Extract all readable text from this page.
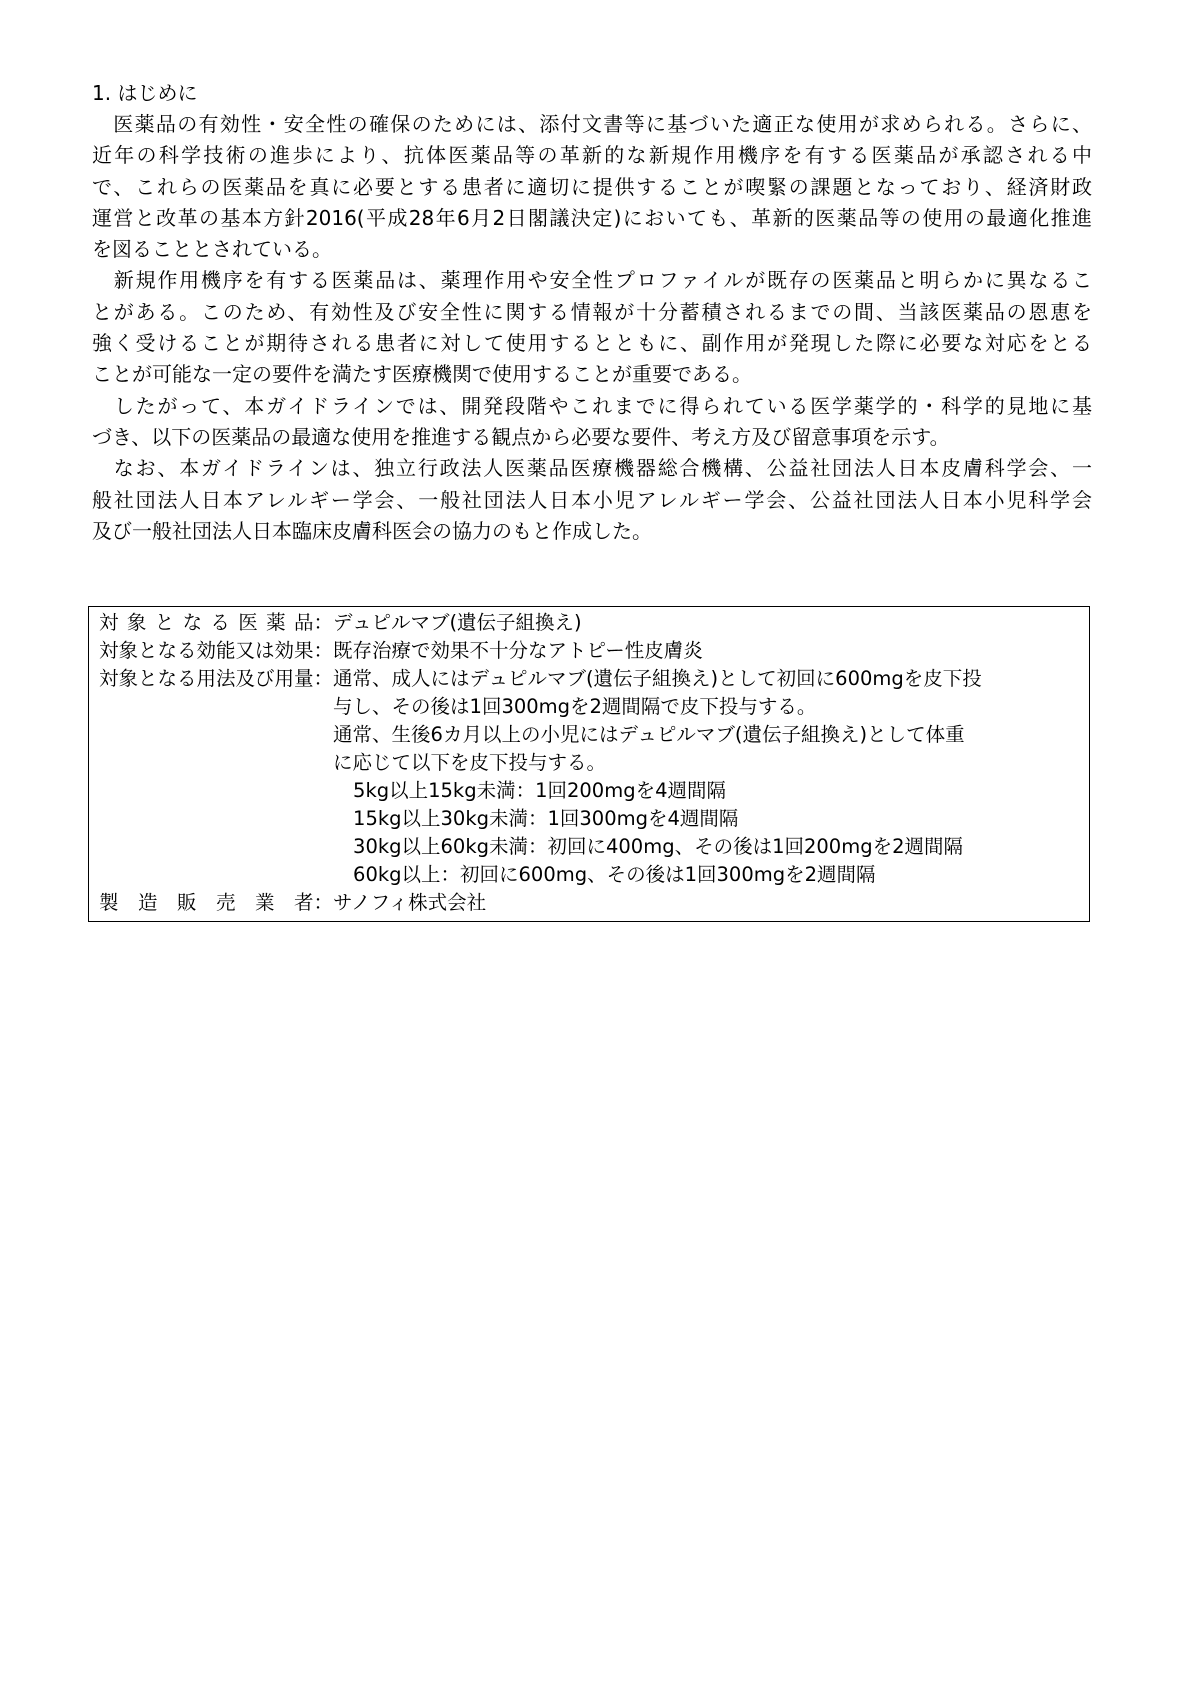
1. はじめに
　医薬品の有効性・安全性の確保のためには、添付文書等に基づいた適正な使用が求められる。さらに、
近年の科学技術の進歩により、抗体医薬品等の革新的な新規作用機序を有する医薬品が承認される中
で、これらの医薬品を真に必要とする患者に適切に提供することが喫緊の課題となっており、経済財政
運営と改革の基本方針2016(平成28年6月2日閣議決定)においても、革新的医薬品等の使用の最適化推進
を図ることとされている。
　新規作用機序を有する医薬品は、薬理作用や安全性プロファイルが既存の医薬品と明らかに異なるこ
とがある。このため、有効性及び安全性に関する情報が十分蓄積されるまでの間、当該医薬品の恩恵を
強く受けることが期待される患者に対して使用するとともに、副作用が発現した際に必要な対応をとる
ことが可能な一定の要件を満たす医療機関で使用することが重要である。
　したがって、本ガイドラインでは、開発段階やこれまでに得られている医学薬学的・科学的見地に基
づき、以下の医薬品の最適な使用を推進する観点から必要な要件、考え方及び留意事項を示す。
　なお、本ガイドラインは、独立行政法人医薬品医療機器総合機構、公益社団法人日本皮膚科学会、一
般社団法人日本アレルギー学会、一般社団法人日本小児アレルギー学会、公益社団法人日本小児科学会
及び一般社団法人日本臨床皮膚科医会の協力のもと作成した。
対象となる医薬品 ： デュピルマブ(遺伝子組換え)
対象となる効能又は効果 ： 既存治療で効果不十分なアトピー性皮膚炎
対象となる用法及び用量 ： 通常、成人にはデュピルマブ(遺伝子組換え)として初回に600mgを皮下投
与し、その後は1回300mgを2週間隔で皮下投与する。
通常、生後6カ月以上の小児にはデュピルマブ(遺伝子組換え)として体重
に応じて以下を皮下投与する。
5kg以上15kg未満：1回200mgを4週間隔
15kg以上30kg未満：1回300mgを4週間隔
30kg以上60kg未満：初回に400mg、その後は1回200mgを2週間隔
60kg以上：初回に600mg、その後は1回300mgを2週間隔
製造販売業者 ： サノフィ株式会社
